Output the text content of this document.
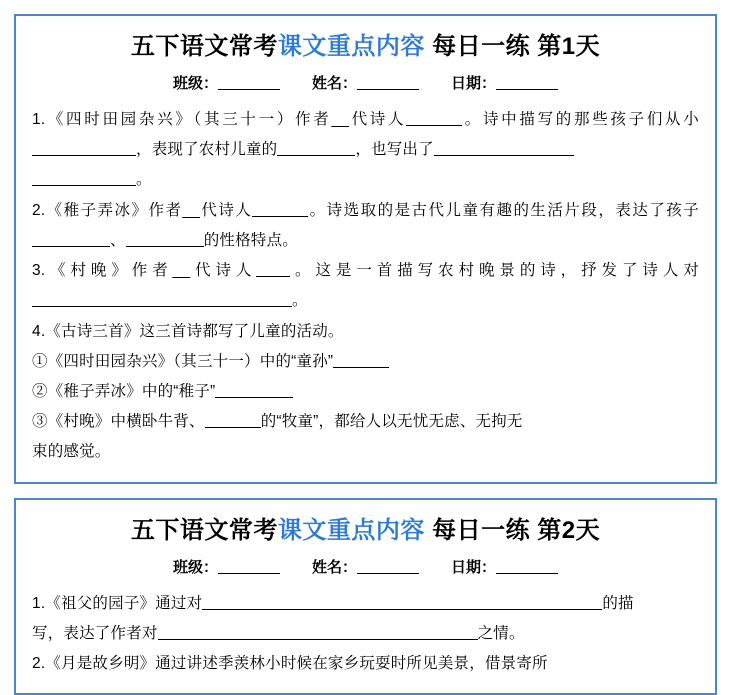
五下语文常考课文重点内容 每日一练 第1天
班级：	姓名：	日期：

1.《四时田园杂兴》（其三十一）作者__代诗人	。诗中描写的那些孩子们从小，表现了农村儿童的	，也写出了
。

2.《稚子弄冰》作者__代诗人	。诗选取的是古代儿童有趣的生活片段，表达了孩子、	的性格特点。

3.《村晚》作者__代诗人 。这是一首描写农村晚景的诗，抒发了诗人对。

4.《古诗三首》这三首诗都写了儿童的活动。

①《四时田园杂兴》（其三十一）中的“童孙”

②《稚子弄冰》中的“稚子”

③《村晚》中横卧牛背、	的“牧童”，都给人以无忧无虑、无拘无
束的感觉。

五下语文常考课文重点内容 每日一练 第2天
班级：	姓名：	日期：

1.《祖父的园子》通过对	的描
写，表达了作者对	之情。

2.《月是故乡明》通过讲述季羡林小时候在家乡玩耍时所见美景，借景寄所
